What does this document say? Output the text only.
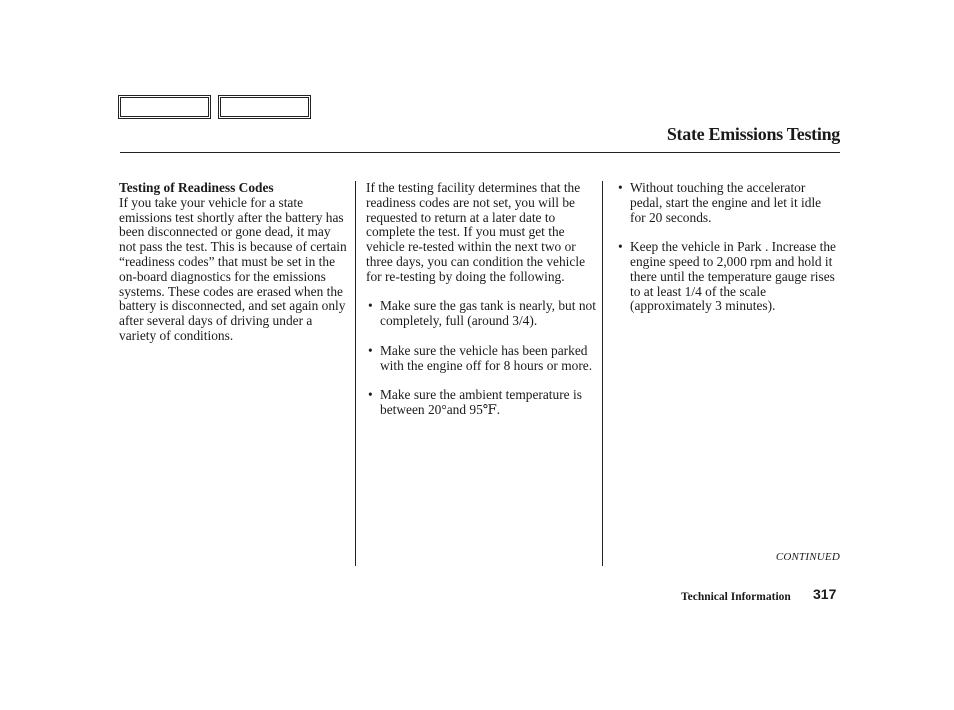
State Emissions Testing

Testing of Readiness Codes

If you take your vehicle for a state emissions test shortly after the battery has been disconnected or gone dead, it may not pass the test. This is because of certain “readiness codes” that must be set in the on-board diagnostics for the emissions systems. These codes are erased when the battery is disconnected, and set again only after several days of driving under a variety of conditions.

If the testing facility determines that the readiness codes are not set, you will be requested to return at a later date to complete the test. If you must get the vehicle re-tested within the next two or three days, you can condition the vehicle for re-testing by doing the following.

• Make sure the gas tank is nearly, but not completely, full (around 3/4).
• Make sure the vehicle has been parked with the engine off for 8 hours or more.
• Make sure the ambient temperature is between 20°and 95℉.
• Without touching the accelerator pedal, start the engine and let it idle for 20 seconds.
• Keep the vehicle in Park . Increase the engine speed to 2,000 rpm and hold it there until the temperature gauge rises to at least 1/4 of the scale (approximately 3 minutes).
CONTINUED
Technical Information 317
